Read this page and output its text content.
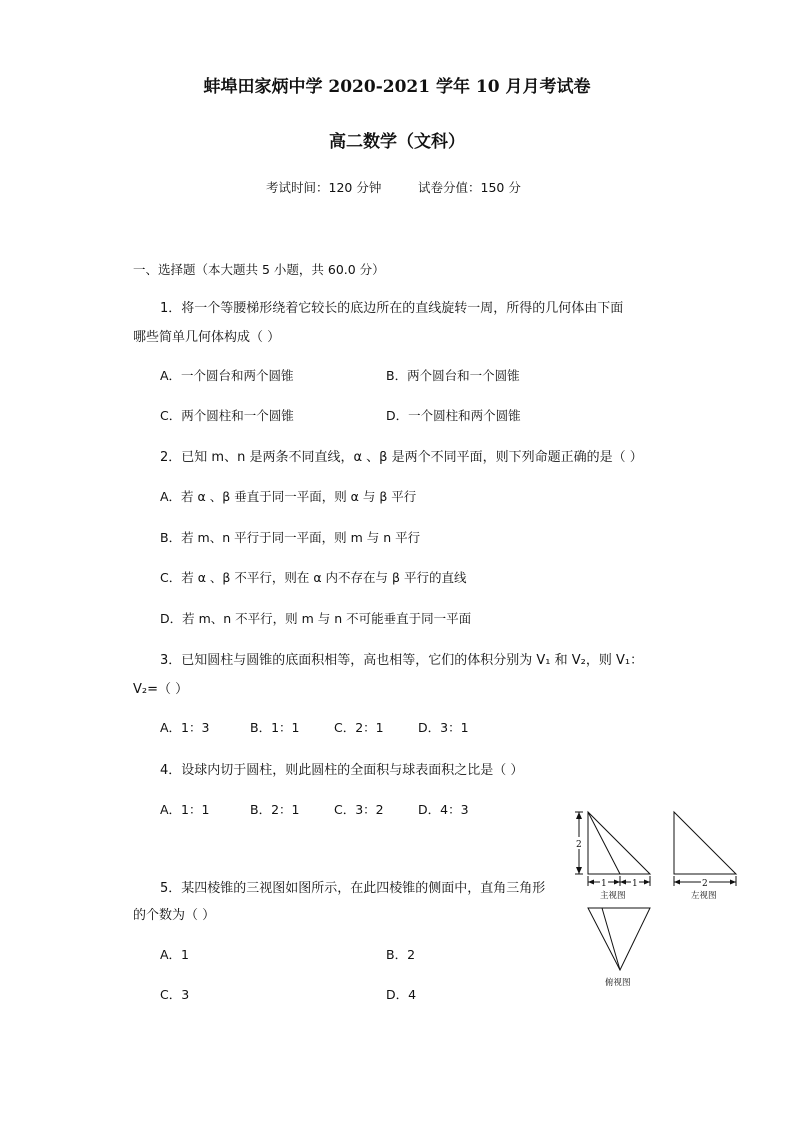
蚌埠田家炳中学 2020-2021 学年 10 月月考试卷
高二数学（文科）
考试时间：120 分钟	试卷分值：150 分
一、选择题（本大题共 5 小题，共 60.0 分）
1．将一个等腰梯形绕着它较长的底边所在的直线旋转一周，所得的几何体由下面
哪些简单几何体构成（ ）
A．一个圆台和两个圆锥	B．两个圆台和一个圆锥
C．两个圆柱和一个圆锥	D．一个圆柱和两个圆锥
2．已知 m、n 是两条不同直线，α 、β 是两个不同平面，则下列命题正确的是（ ）
A．若 α 、β 垂直于同一平面，则 α 与 β 平行
B．若 m、n 平行于同一平面，则 m 与 n 平行
C．若 α 、β 不平行，则在 α 内不存在与 β 平行的直线
D．若 m、n 不平行，则 m 与 n 不可能垂直于同一平面
3．已知圆柱与圆锥的底面积相等，高也相等，它们的体积分别为 V₁ 和 V₂，则 V₁：
V₂=（ ）
A．1：3	B．1：1	C．2：1	D．3：1
4．设球内切于圆柱，则此圆柱的全面积与球表面积之比是（ ）
A．1：1	B．2：1	C．3：2	D．4：3
5．某四棱锥的三视图如图所示，在此四棱锥的侧面中，直角三角形
的个数为（ ）
A．1	B．2
C．3	D．4
2
1	1	2
主视图	左视图
俯视图
